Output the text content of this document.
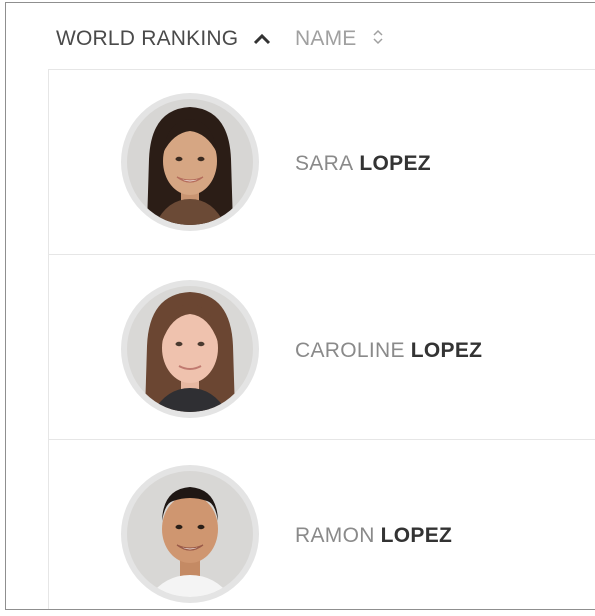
WORLD RANKING	NAME
SARA LOPEZ
CAROLINE LOPEZ
RAMON LOPEZ
